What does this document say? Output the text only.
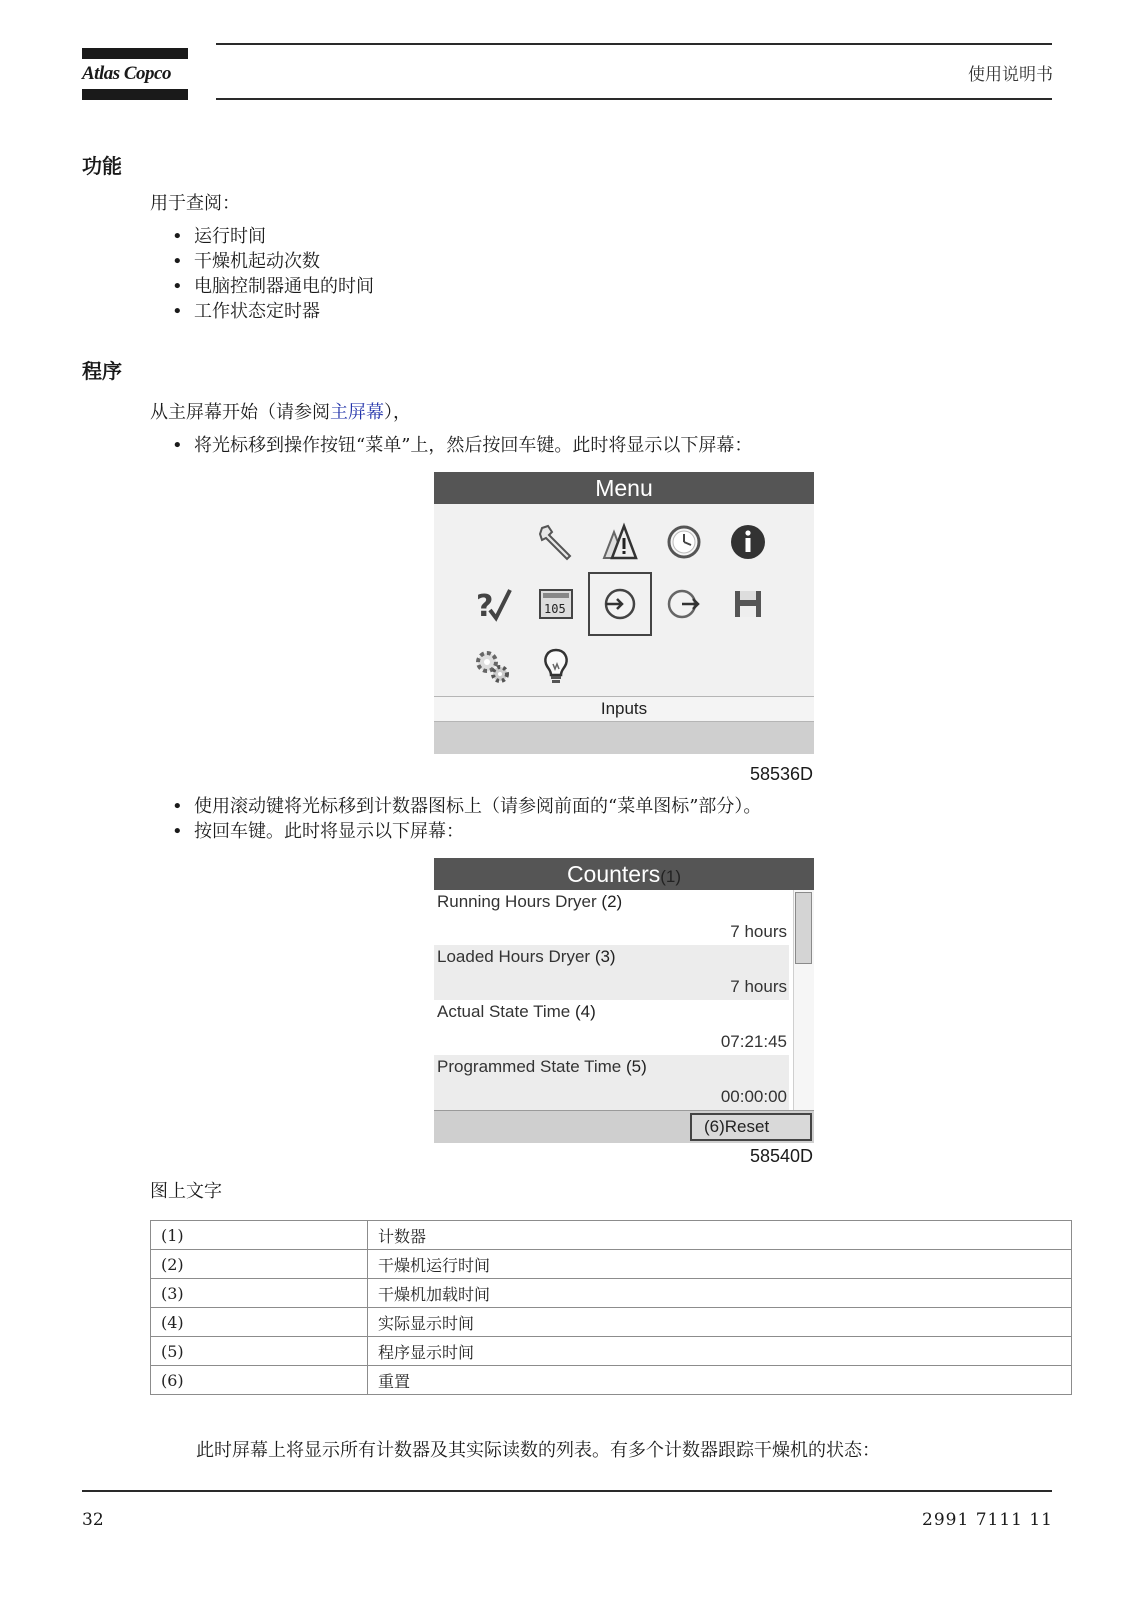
Atlas Copco	使用说明书
功能
用于查阅：
• 运行时间
• 干燥机起动次数
• 电脑控制器通电的时间
• 工作状态定时器
程序
从主屏幕开始（请参阅主屏幕），
• 将光标移到操作按钮“菜单”上，然后按回车键。此时将显示以下屏幕：
Menu
?	105
Inputs
58536D
• 使用滚动键将光标移到计数器图标上（请参阅前面的“菜单图标”部分）。
• 按回车键。此时将显示以下屏幕：
Counters(1)
Running Hours Dryer (2)
7 hours
Loaded Hours Dryer (3)
7 hours
Actual State Time (4)
07:21:45
Programmed State Time (5)
00:00:00
(6)Reset
58540D
图上文字
(1)	计数器
(2)	干燥机运行时间
(3)	干燥机加载时间
(4)	实际显示时间
(5)	程序显示时间
(6)	重置
此时屏幕上将显示所有计数器及其实际读数的列表。有多个计数器跟踪干燥机的状态：
32	2991 7111 11
